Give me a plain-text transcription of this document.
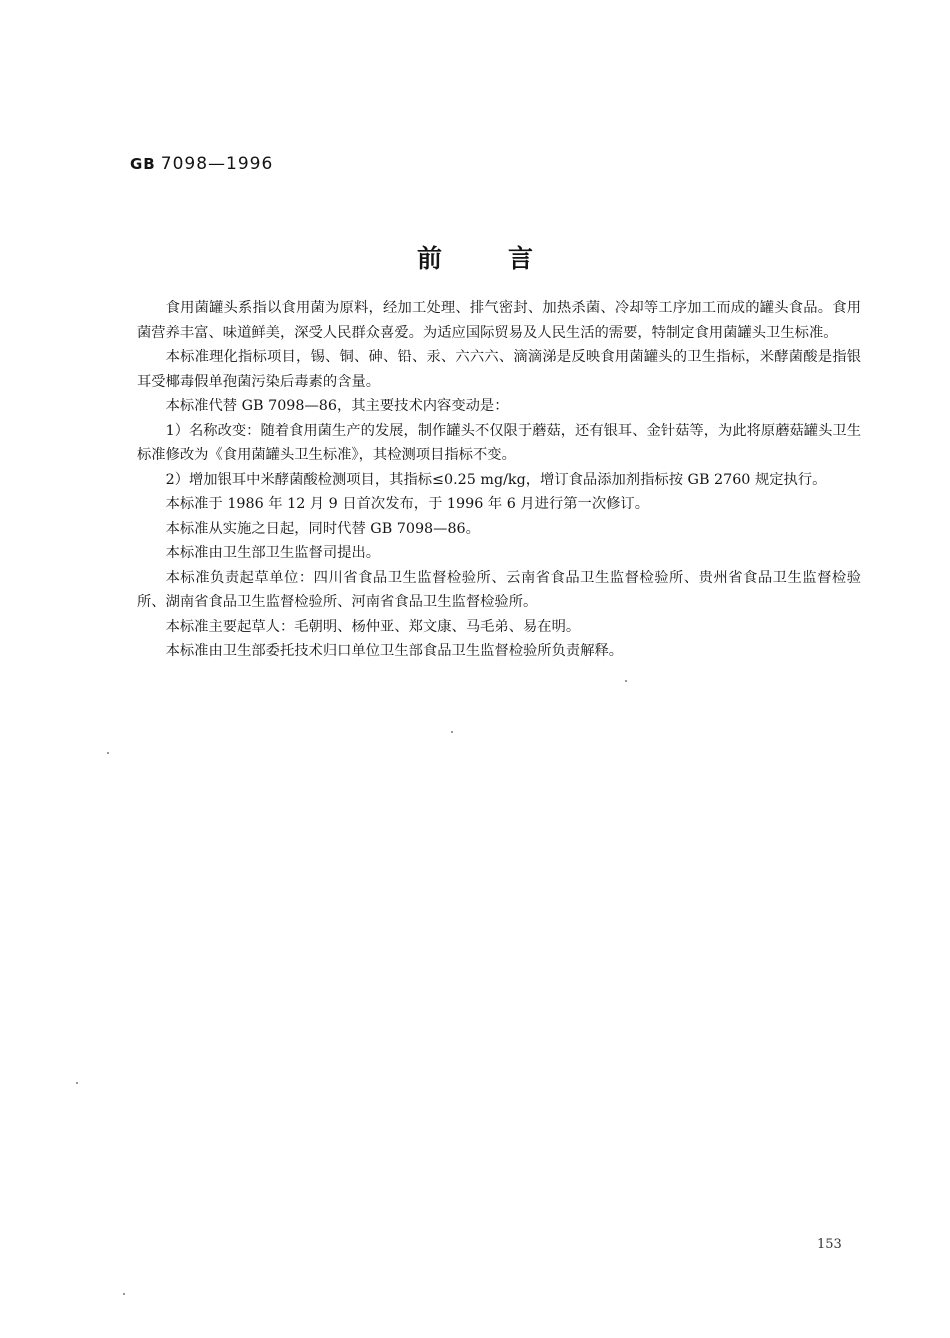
GB 7098—1996
前	言

食用菌罐头系指以食用菌为原料，经加工处理、排气密封、加热杀菌、冷却等工序加工而成的罐头食品。食用菌营养丰富、味道鲜美，深受人民群众喜爱。为适应国际贸易及人民生活的需要，特制定食用菌罐头卫生标准。

本标准理化指标项目，锡、铜、砷、铅、汞、六六六、滴滴涕是反映食用菌罐头的卫生指标，米酵菌酸是指银耳受椰毒假单孢菌污染后毒素的含量。

本标准代替 GB 7098—86，其主要技术内容变动是：

1）名称改变：随着食用菌生产的发展，制作罐头不仅限于蘑菇，还有银耳、金针菇等，为此将原蘑菇罐头卫生标准修改为《食用菌罐头卫生标准》，其检测项目指标不变。

2）增加银耳中米酵菌酸检测项目，其指标≤0.25 mg/kg，增订食品添加剂指标按 GB 2760 规定执行。

本标准于 1986 年 12 月 9 日首次发布，于 1996 年 6 月进行第一次修订。

本标准从实施之日起，同时代替 GB 7098—86。

本标准由卫生部卫生监督司提出。

本标准负责起草单位：四川省食品卫生监督检验所、云南省食品卫生监督检验所、贵州省食品卫生监督检验所、湖南省食品卫生监督检验所、河南省食品卫生监督检验所。

本标准主要起草人：毛朝明、杨仲亚、郑文康、马毛弟、易在明。

本标准由卫生部委托技术归口单位卫生部食品卫生监督检验所负责解释。

153
